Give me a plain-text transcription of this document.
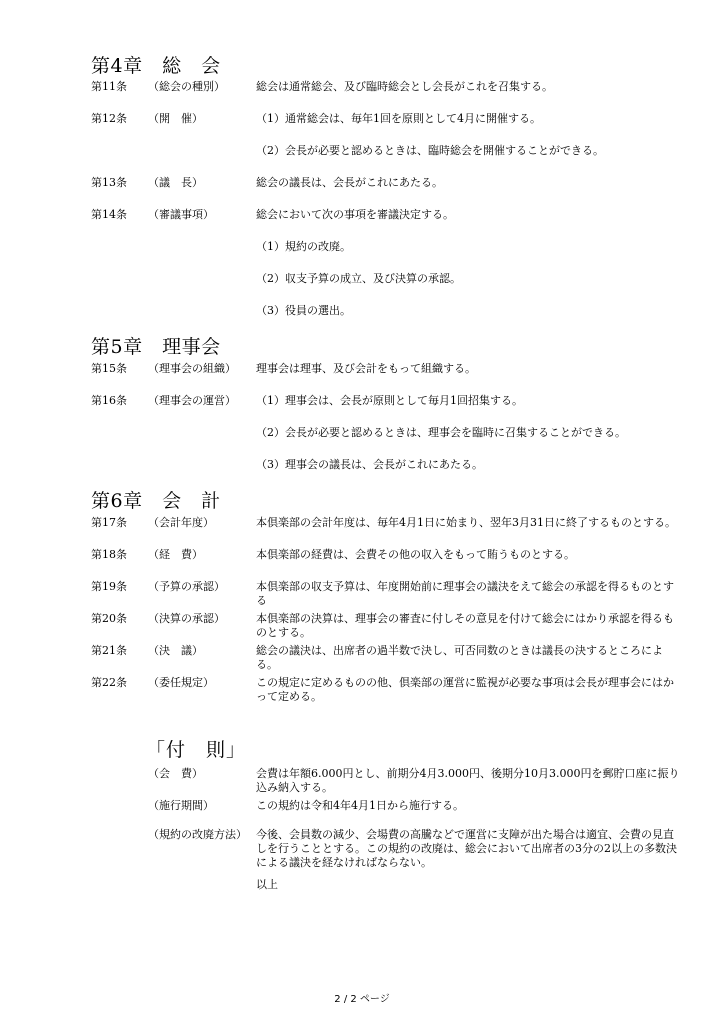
第4章　総　会
第11条 （総会の種別）	総会は通常総会、及び臨時総会とし会長がこれを召集する。
第12条 （開　催）	（1）通常総会は、毎年1回を原則として4月に開催する。
（2）会長が必要と認めるときは、臨時総会を開催することができる。
第13条 （議　長）	総会の議長は、会長がこれにあたる。
第14条 （審議事項）	総会において次の事項を審議決定する。
（1）規約の改廃。
（2）収支予算の成立、及び決算の承認。
（3）役員の選出。
第5章　理事会
第15条 （理事会の組織） 理事会は理事、及び会計をもって組織する。
第16条 （理事会の運営） （1）理事会は、会長が原則として毎月1回招集する。
（2）会長が必要と認めるときは、理事会を臨時に召集することができる。
（3）理事会の議長は、会長がこれにあたる。
第6章　会　計
第17条 （会計年度）	本倶楽部の会計年度は、毎年4月1日に始まり、翌年3月31日に終了するものとする。
第18条 （経　費）	本倶楽部の経費は、会費その他の収入をもって賄うものとする。
第19条 （予算の承認）	本倶楽部の収支予算は、年度開始前に理事会の議決をえて総会の承認を得るものとする
第20条 （決算の承認）	本倶楽部の決算は、理事会の審査に付しその意見を付けて総会にはかり承認を得るものとする。
第21条 （決　議）	総会の議決は、出席者の過半数で決し、可否同数のときは議長の決するところによる。
第22条 （委任規定）	この規定に定めるものの他、倶楽部の運営に監視が必要な事項は会長が理事会にはかって定める。
「付　則」
（会　費）	会費は年額6.000円とし、前期分4月3.000円、後期分10月3.000円を郵貯口座に振り込み納入する。
（施行期間）	この規約は令和4年4月1日から施行する。
（規約の改廃方法） 今後、会員数の減少、会場費の高騰などで運営に支障が出た場合は適宜、会費の見直しを行うこととする。この規約の改廃は、総会において出席者の3分の2以上の多数決による議決を経なければならない。
以上
2 / 2 ページ
